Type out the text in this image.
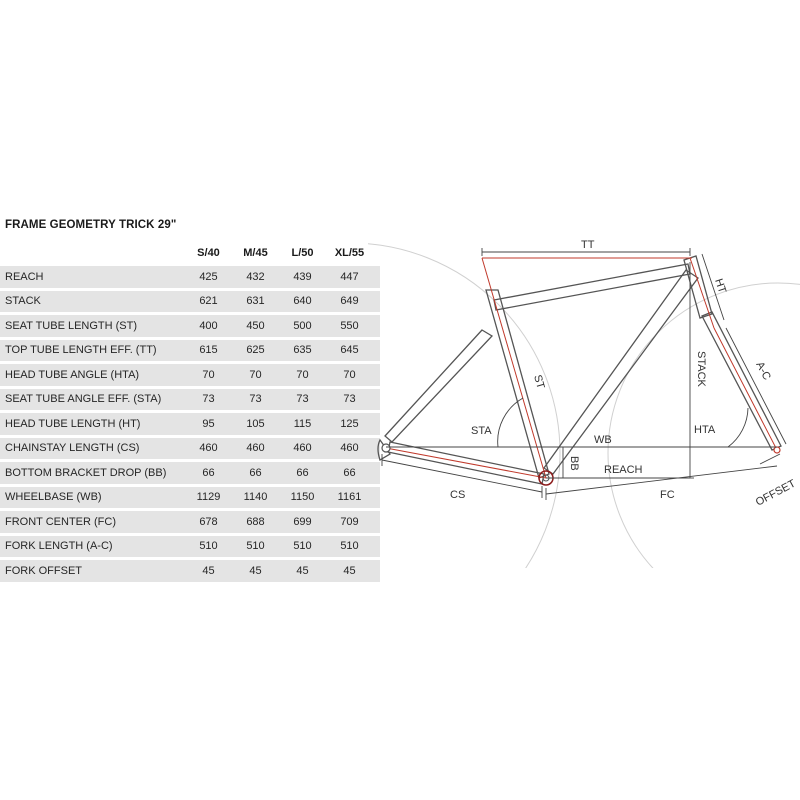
FRAME GEOMETRY TRICK 29"
	S/40	M/45	L/50	XL/55	
REACH	425	432	439	447	
STACK	621	631	640	649	
SEAT TUBE LENGTH (ST)	400	450	500	550	
TOP TUBE LENGTH EFF. (TT)	615	625	635	645	
HEAD TUBE ANGLE (HTA)	70	70	70	70	
SEAT TUBE ANGLE EFF. (STA)	73	73	73	73	
HEAD TUBE LENGTH (HT)	95	105	115	125	
CHAINSTAY LENGTH (CS)	460	460	460	460	
BOTTOM BRACKET DROP (BB)	66	66	66	66	
WHEELBASE (WB)	1129	1140	1150	1161	
FRONT CENTER (FC)	678	688	699	709	
FORK LENGTH (A-C)	510	510	510	510	
FORK OFFSET	45	45	45	45	
TT
HT
ST	STACK	A-C
STA	HTA
WB
BB REACH
CS	FC	OFFSET
